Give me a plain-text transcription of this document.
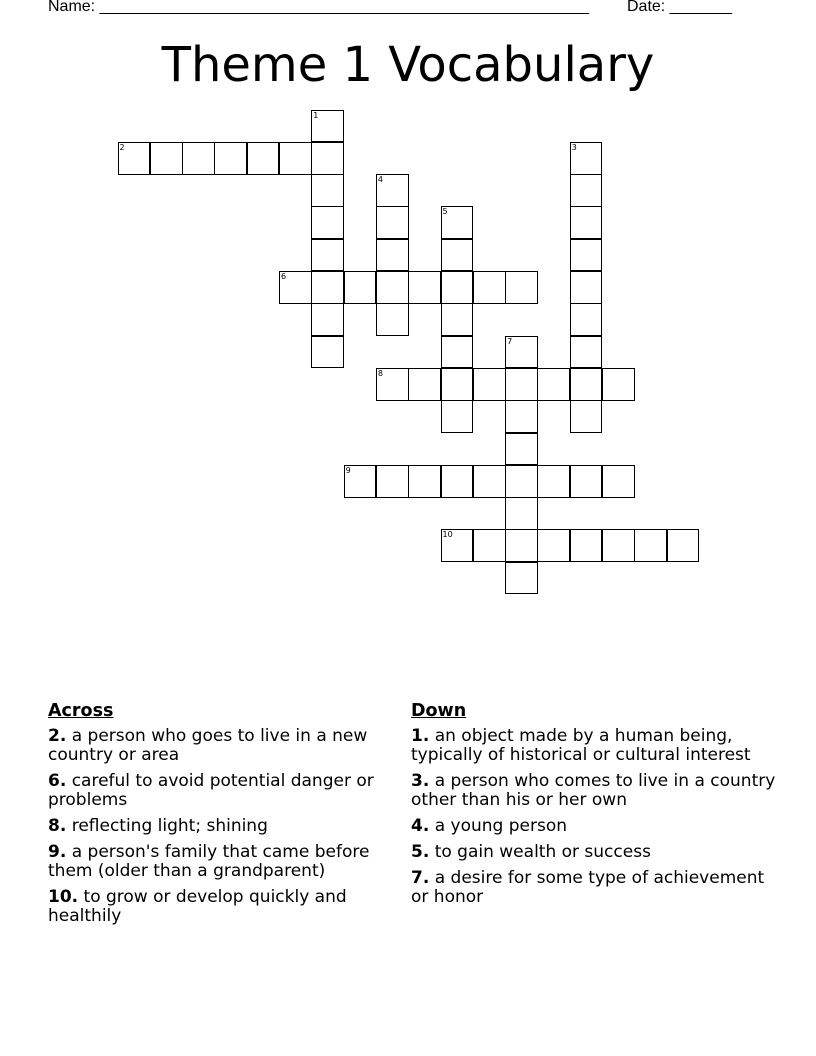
Name: _______________________________________________________ Date: _______
Theme 1 Vocabulary
1
2	3
4
5
6
7
8
9
10
Across
2. a person who goes to live in a new country or area
6. careful to avoid potential danger or problems
8. reflecting light; shining
9. a person's family that came before them (older than a grandparent)
10. to grow or develop quickly and healthily
Down
1. an object made by a human being, typically of historical or cultural interest
3. a person who comes to live in a country other than his or her own
4. a young person
5. to gain wealth or success
7. a desire for some type of achievement or honor
